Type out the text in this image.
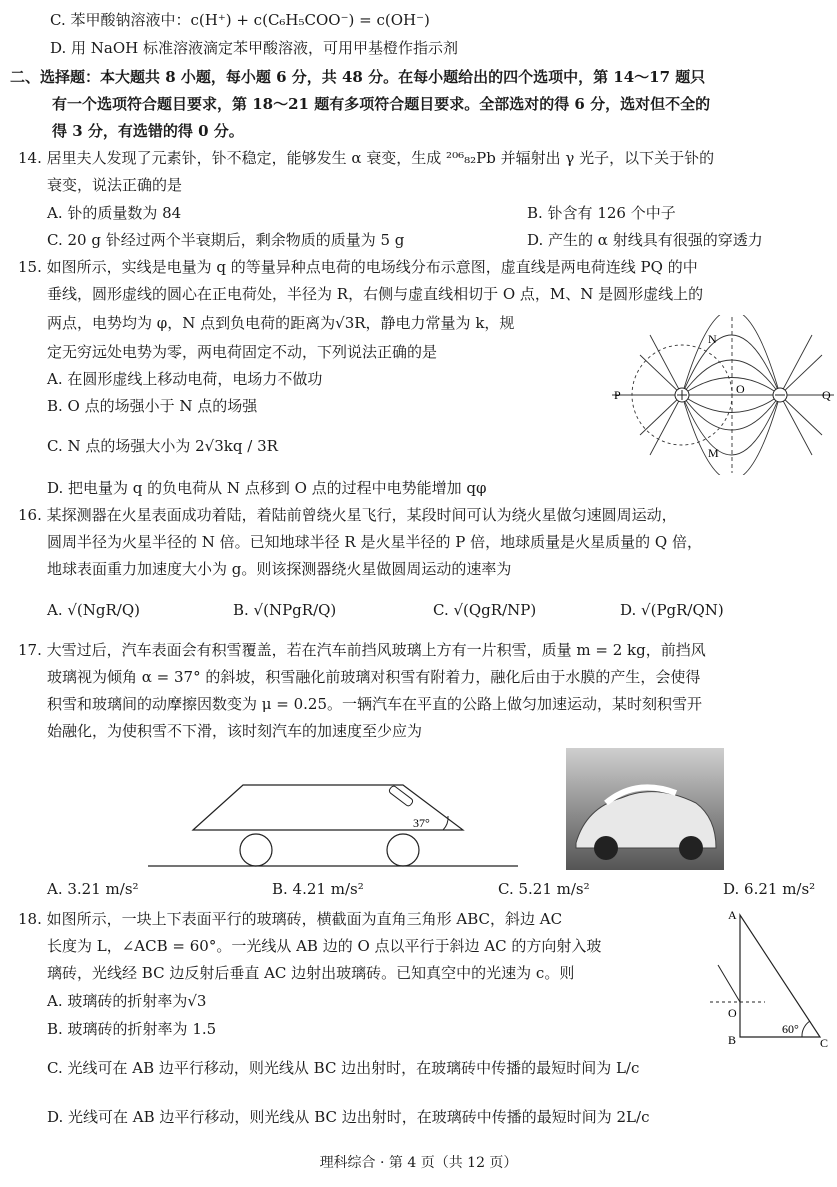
C. 苯甲酸钠溶液中：c(H⁺) + c(C₆H₅COO⁻) = c(OH⁻)
D. 用 NaOH 标准溶液滴定苯甲酸溶液，可用甲基橙作指示剂
二、选择题：本大题共 8 小题，每小题 6 分，共 48 分。在每小题给出的四个选项中，第 14～17 题只
有一个选项符合题目要求，第 18～21 题有多项符合题目要求。全部选对的得 6 分，选对但不全的
得 3 分，有选错的得 0 分。
14. 居里夫人发现了元素钋，钋不稳定，能够发生 α 衰变，生成 ²⁰⁶₈₂Pb 并辐射出 γ 光子，以下关于钋的
衰变，说法正确的是
A. 钋的质量数为 84	B. 钋含有 126 个中子
C. 20 g 钋经过两个半衰期后，剩余物质的质量为 5 g	D. 产生的 α 射线具有很强的穿透力
15. 如图所示，实线是电量为 q 的等量异种点电荷的电场线分布示意图，虚直线是两电荷连线 PQ 的中
垂线，圆形虚线的圆心在正电荷处，半径为 R，右侧与虚直线相切于 O 点，M、N 是圆形虚线上的
两点，电势均为 φ，N 点到负电荷的距离为√3R，静电力常量为 k，规
定无穷远处电势为零，两电荷固定不动，下列说法正确的是
A. 在圆形虚线上移动电荷，电场力不做功
B. O 点的场强小于 N 点的场强
C. N 点的场强大小为 2√3kq / 3R
D. 把电量为 q 的负电荷从 N 点移到 O 点的过程中电势能增加 qφ
P	Q
O
N
M
16. 某探测器在火星表面成功着陆，着陆前曾绕火星飞行，某段时间可认为绕火星做匀速圆周运动，
圆周半径为火星半径的 N 倍。已知地球半径 R 是火星半径的 P 倍，地球质量是火星质量的 Q 倍，
地球表面重力加速度大小为 g。则该探测器绕火星做圆周运动的速率为
A. √(NgR/Q)	B. √(NPgR/Q)	C. √(QgR/NP)	D. √(PgR/QN)
17. 大雪过后，汽车表面会有积雪覆盖，若在汽车前挡风玻璃上方有一片积雪，质量 m = 2 kg，前挡风
玻璃视为倾角 α = 37° 的斜坡，积雪融化前玻璃对积雪有附着力，融化后由于水膜的产生，会使得
积雪和玻璃间的动摩擦因数变为 μ = 0.25。一辆汽车在平直的公路上做匀加速运动，某时刻积雪开
始融化，为使积雪不下滑，该时刻汽车的加速度至少应为
37°
A. 3.21 m/s²	B. 4.21 m/s²	C. 5.21 m/s²	D. 6.21 m/s²
18. 如图所示，一块上下表面平行的玻璃砖，横截面为直角三角形 ABC，斜边 AC
长度为 L，∠ACB = 60°。一光线从 AB 边的 O 点以平行于斜边 AC 的方向射入玻
璃砖，光线经 BC 边反射后垂直 AC 边射出玻璃砖。已知真空中的光速为 c。则
A. 玻璃砖的折射率为√3
B. 玻璃砖的折射率为 1.5
C. 光线可在 AB 边平行移动，则光线从 BC 边出射时，在玻璃砖中传播的最短时间为 L/c
D. 光线可在 AB 边平行移动，则光线从 BC 边出射时，在玻璃砖中传播的最短时间为 2L/c
A
B	C
O
60°
理科综合 · 第 4 页（共 12 页）
